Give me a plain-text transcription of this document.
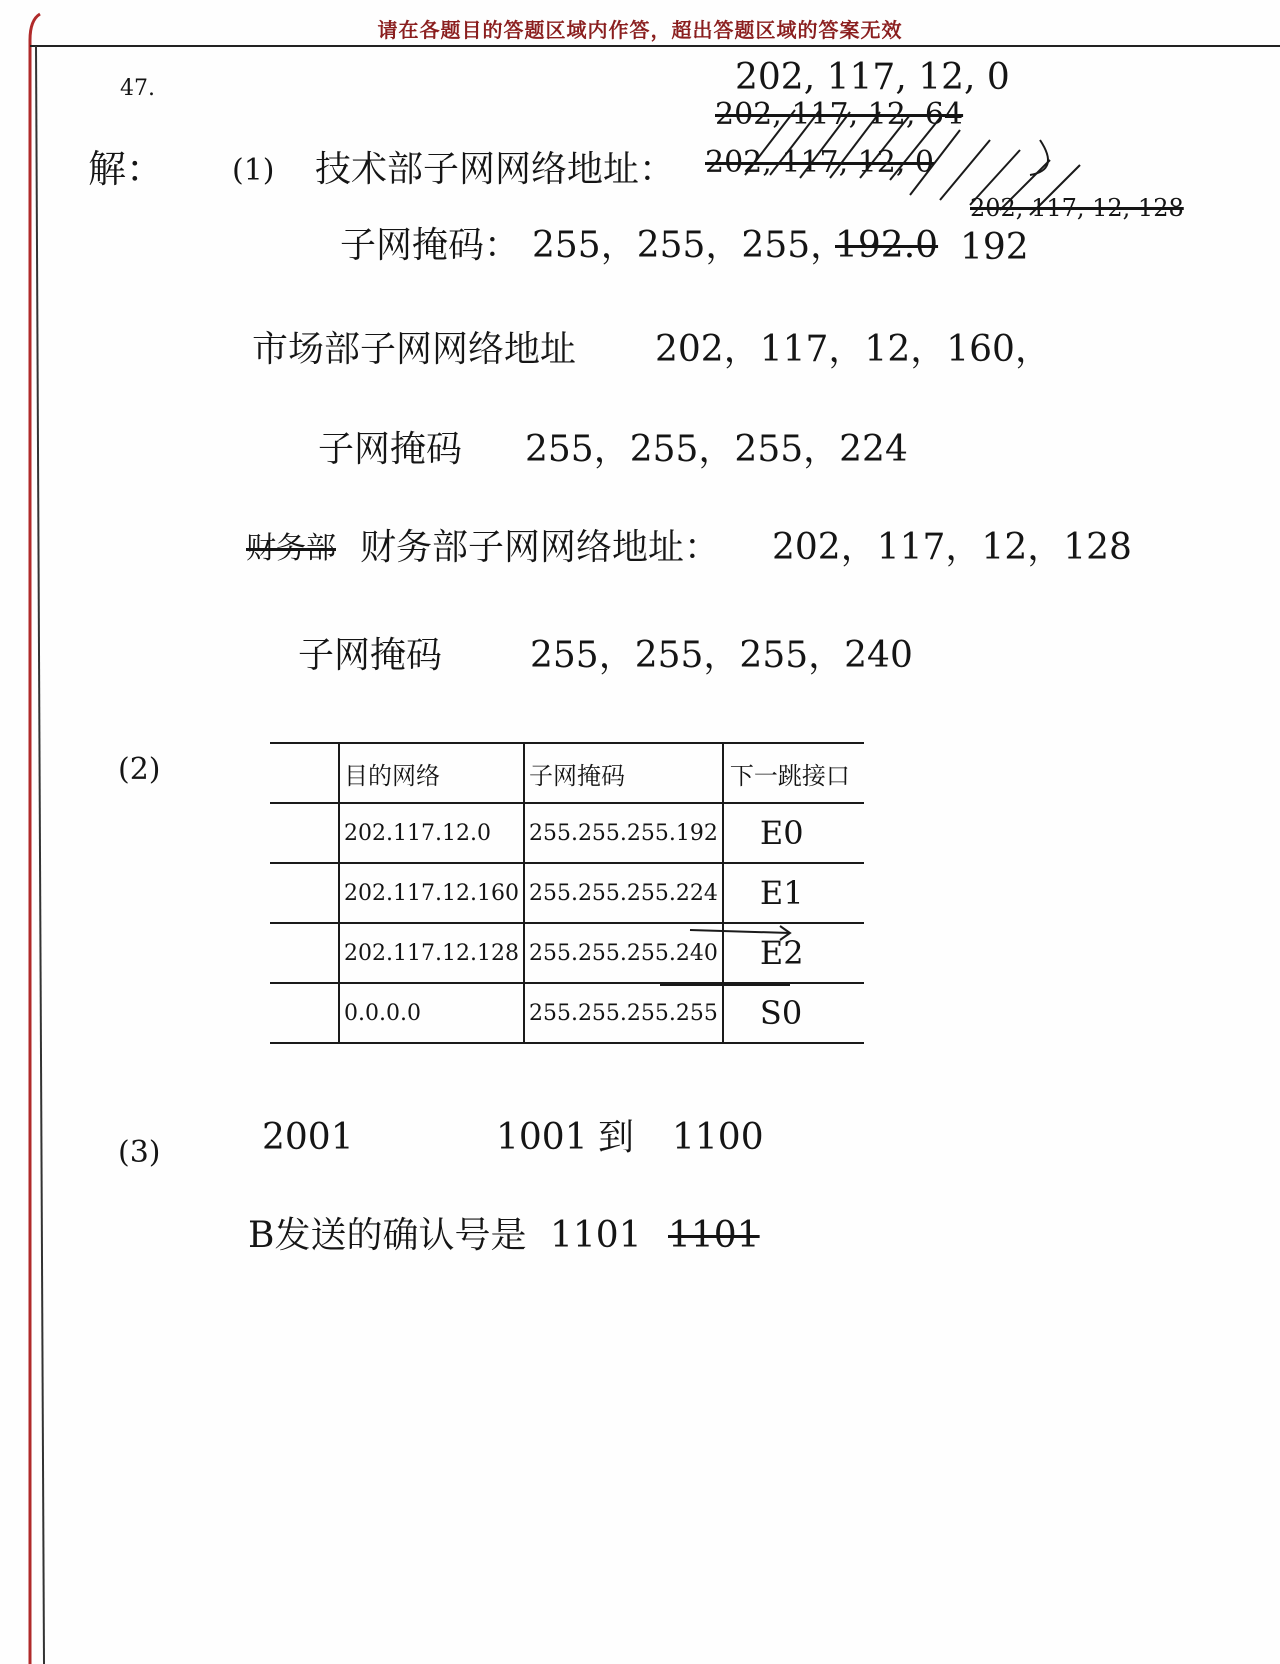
请在各题目的答题区域内作答，超出答题区域的答案无效
47.
解： (1) 技术部子网网络地址：
202, 117, 12, 0
202, 117, 12, 64
202, 117, 12, 0
202, 117, 12, 128
子网掩码： 255，255，255，
192.0 192
市场部子网网络地址 202，117，12，160，
子网掩码 255，255，255，224
财务部 财务部子网网络地址： 202，117，12，128
子网掩码 255，255，255，240
(2)
		目的网络	子网掩码	下一跳接口
	202.117.12.0	255.255.255.192	E0
	202.117.12.160	255.255.255.224	E1
	202.117.12.128	255.255.255.240	E2
	0.0.0.0	255.255.255.255	S0
(3)	2001	1001 到 1100
B发送的确认号是 1101 1101
